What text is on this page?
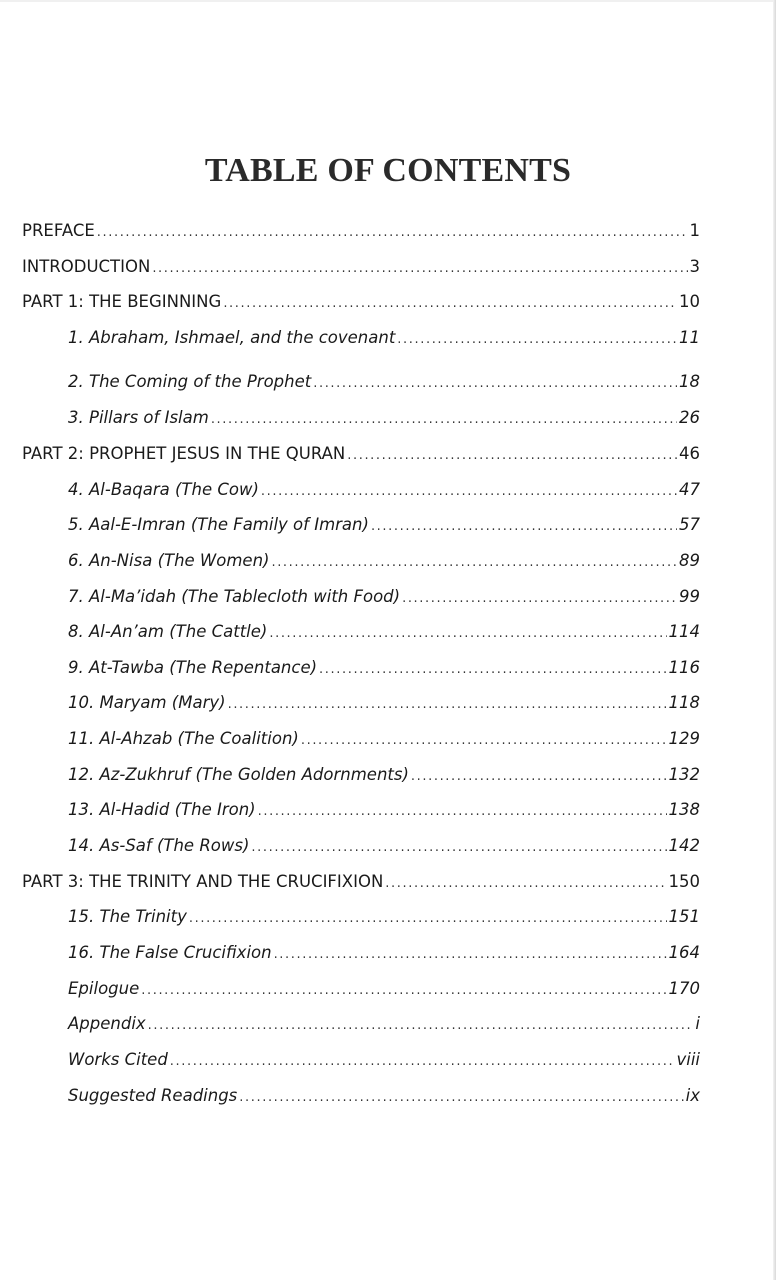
TABLE OF CONTENTS
PREFACE .....	1
INTRODUCTION .....	3
PART 1: THE BEGINNING .....	10
1. Abraham, Ishmael, and the covenant .....	11
2. The Coming of the Prophet .....	18
3. Pillars of Islam .....	26
PART 2: PROPHET JESUS IN THE QURAN .....	46
4. Al-Baqara (The Cow) .....	47
5. Aal-E-Imran (The Family of Imran) .....	57
6. An-Nisa (The Women) .....	89
7. Al-Ma’idah (The Tablecloth with Food) .....	99
8. Al-An’am (The Cattle) .....	114
9. At-Tawba (The Repentance) .....	116
10. Maryam (Mary) .....	118
11. Al-Ahzab (The Coalition) .....	129
12. Az-Zukhruf (The Golden Adornments) .....	132
13. Al-Hadid (The Iron) .....	138
14. As-Saf (The Rows) .....	142
PART 3: THE TRINITY AND THE CRUCIFIXION .....	150
15. The Trinity .....	151
16. The False Crucifixion .....	164
Epilogue .....	170
Appendix .....	i
Works Cited .....	viii
Suggested Readings .....	ix
